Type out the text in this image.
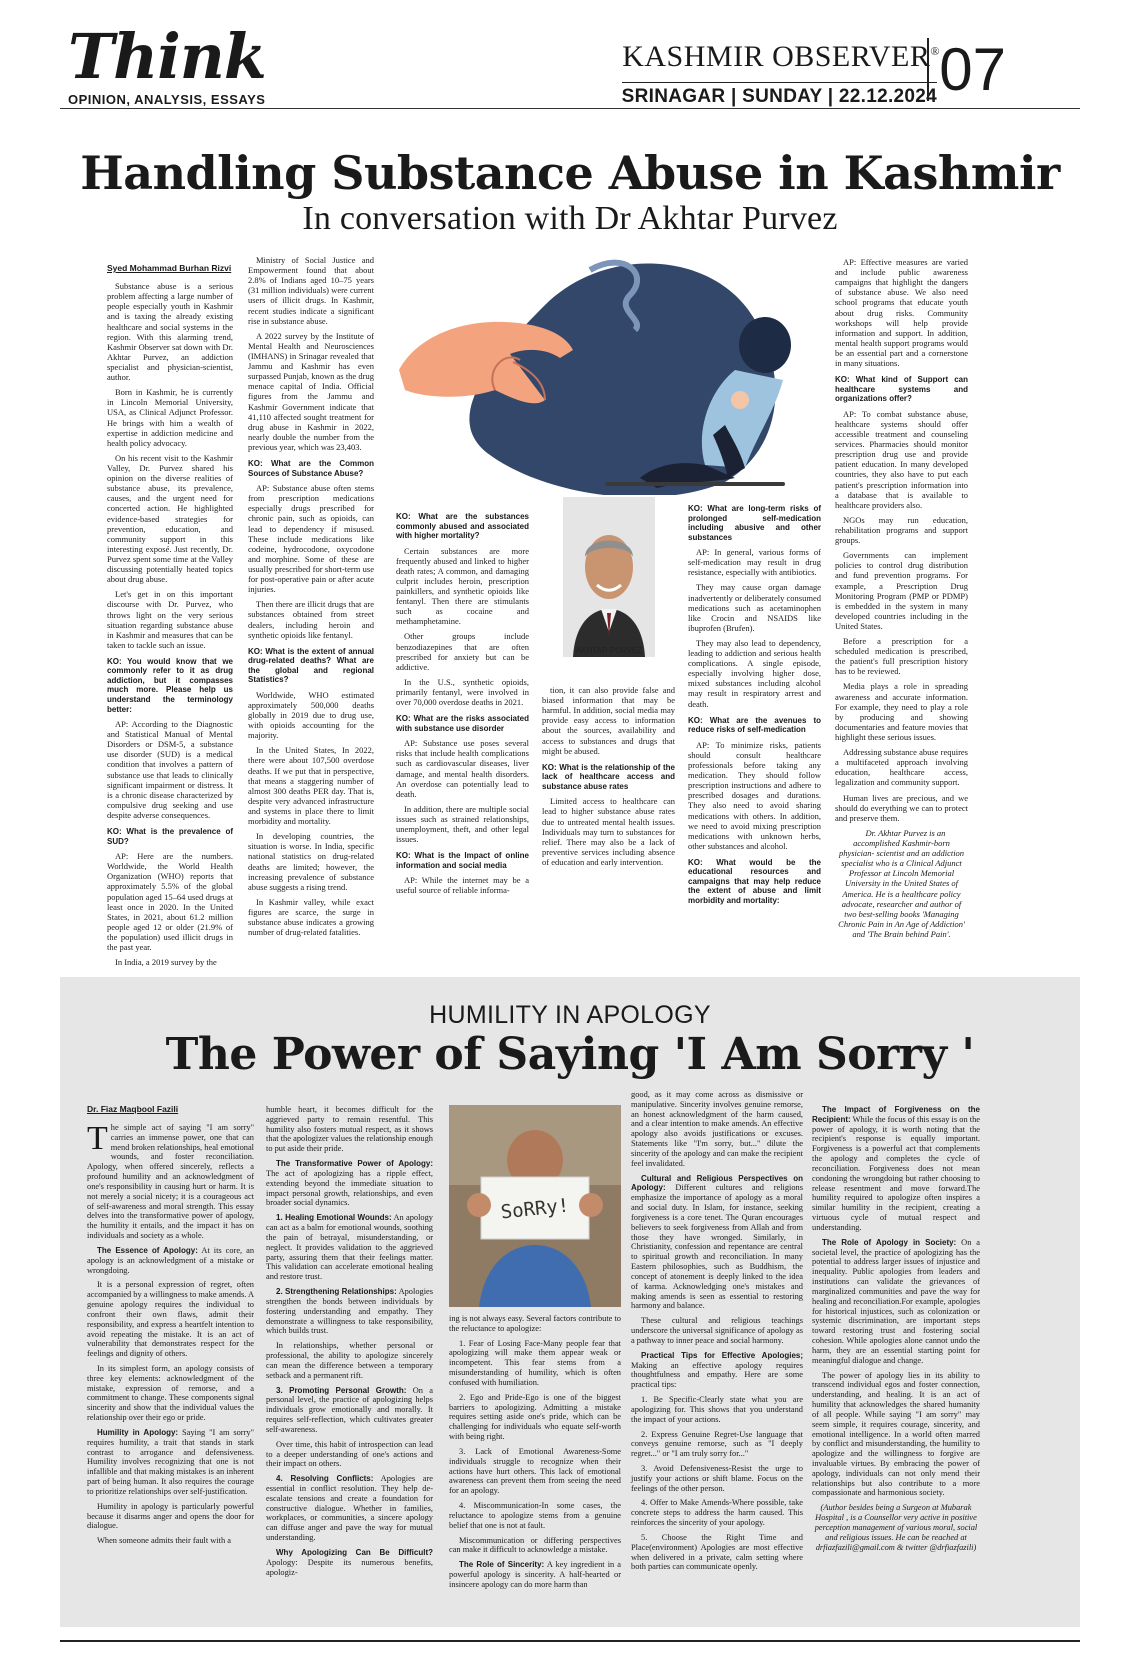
Think
OPINION, ANALYSIS, ESSAYS
KASHMIR OBSERVER®
SRINAGAR | SUNDAY | 22.12.2024 07
Handling Substance Abuse in Kashmir
In conversation with Dr Akhtar Purvez
Syed Mohammad Burhan Rizvi

Substance abuse is a serious problem affecting a large number of people especially youth in Kashmir and is taxing the already existing healthcare and social systems in the region. With this alarming trend, Kashmir Observer sat down with Dr. Akhtar Purvez, an addiction specialist and physician-scientist, author.

Born in Kashmir, he is currently in Lincoln Memorial University, USA, as Clinical Adjunct Professor. He brings with him a wealth of expertise in addiction medicine and health policy advocacy.

On his recent visit to the Kashmir Valley, Dr. Purvez shared his opinion on the diverse realities of substance abuse, its prevalence, causes, and the urgent need for concerted action. He highlighted evidence-based strategies for prevention, education, and community support in this interesting exposé. Just recently, Dr. Purvez spent some time at the Valley discussing potentially heated topics about drug abuse.

Let's get in on this important discourse with Dr. Purvez, who throws light on the very serious situation regarding substance abuse in Kashmir and measures that can be taken to tackle such an issue.

KO: You would know that we commonly refer to it as drug addiction, but it compasses much more. Please help us understand the terminology better:

AP: According to the Diagnostic and Statistical Manual of Mental Disorders or DSM-5, a substance use disorder (SUD) is a medical condition that involves a pattern of substance use that leads to clinically significant impairment or distress. It is a chronic disease characterized by compulsive drug seeking and use despite adverse consequences.

KO: What is the prevalence of SUD?

AP: Here are the numbers. Worldwide, the World Health Organization (WHO) reports that approximately 5.5% of the global population aged 15–64 used drugs at least once in 2020. In the United States, in 2021, about 61.2 million people aged 12 or older (21.9% of the population) used illicit drugs in the past year.

In India, a 2019 survey by the

Ministry of Social Justice and Empowerment found that about 2.8% of Indians aged 10–75 years (31 million individuals) were current users of illicit drugs. In Kashmir, recent studies indicate a significant rise in substance abuse.

A 2022 survey by the Institute of Mental Health and Neurosciences (IMHANS) in Srinagar revealed that Jammu and Kashmir has even surpassed Punjab, known as the drug menace capital of India. Official figures from the Jammu and Kashmir Government indicate that 41,110 affected sought treatment for drug abuse in Kashmir in 2022, nearly double the number from the previous year, which was 23,403.

KO: What are the Common Sources of Substance Abuse?

AP: Substance abuse often stems from prescription medications especially drugs prescribed for chronic pain, such as opioids, can lead to dependency if misused. These include medications like codeine, hydrocodone, oxycodone and morphine. Some of these are usually prescribed for short-term use for post-operative pain or after acute injuries.

Then there are illicit drugs that are substances obtained from street dealers, including heroin and synthetic opioids like fentanyl.

KO: What is the extent of annual drug-related deaths? What are the global and regional Statistics?

Worldwide, WHO estimated approximately 500,000 deaths globally in 2019 due to drug use, with opioids accounting for the majority.

In the United States, In 2022, there were about 107,500 overdose deaths. If we put that in perspective, that means a staggering number of almost 300 deaths PER day. That is, despite very advanced infrastructure and systems in place there to limit morbidity and mortality.

In developing countries, the situation is worse. In India, specific national statistics on drug-related deaths are limited; however, the increasing prevalence of substance abuse suggests a rising trend.

In Kashmir valley, while exact figures are scarce, the surge in substance abuse indicates a growing number of drug-related fatalities.

AKHTAR PURVEZ

KO: What are the substances commonly abused and associated with higher mortality?

Certain substances are more frequently abused and linked to higher death rates; A common, and damaging culprit includes heroin, prescription painkillers, and synthetic opioids like fentanyl. Then there are stimulants such as cocaine and methamphetamine.

Other groups include benzodiazepines that are often prescribed for anxiety but can be addictive.

In the U.S., synthetic opioids, primarily fentanyl, were involved in over 70,000 overdose deaths in 2021.

KO: What are the risks associated with substance use disorder

AP: Substance use poses several risks that include health complications such as cardiovascular diseases, liver damage, and mental health disorders. An overdose can potentially lead to death.

In addition, there are multiple social issues such as strained relationships, unemployment, theft, and other legal issues.

KO: What is the Impact of online information and social media

AP: While the internet may be a useful source of reliable informa-

tion, it can also provide false and biased information that may be harmful. In addition, social media may provide easy access to information about the sources, availability and access to substances and drugs that might be abused.

KO: What is the relationship of the lack of healthcare access and substance abuse rates

Limited access to healthcare can lead to higher substance abuse rates due to untreated mental health issues. Individuals may turn to substances for relief. There may also be a lack of preventive services including absence of education and early intervention.

KO: What are long-term risks of prolonged self-medication including abusive and other substances

AP: In general, various forms of self-medication may result in drug resistance, especially with antibiotics.

They may cause organ damage inadvertently or deliberately consumed medications such as acetaminophen like Crocin and NSAIDS like ibuprofen (Brufen).

They may also lead to dependency, leading to addiction and serious health complications. A single episode, especially involving higher dose, mixed substances including alcohol may result in respiratory arrest and death.

KO: What are the avenues to reduce risks of self-medication

AP: To minimize risks, patients should consult healthcare professionals before taking any medication. They should follow prescription instructions and adhere to prescribed dosages and durations. They also need to avoid sharing medications with others. In addition, we need to avoid mixing prescription medications with unknown herbs, other substances and alcohol.

KO: What would be the educational resources and campaigns that may help reduce the extent of abuse and limit morbidity and mortality:

AP: Effective measures are varied and include public awareness campaigns that highlight the dangers of substance abuse. We also need school programs that educate youth about drug risks. Community workshops will help provide information and support. In addition, mental health support programs would be an essential part and a cornerstone in many situations.

KO: What kind of Support can healthcare systems and organizations offer?

AP: To combat substance abuse, healthcare systems should offer accessible treatment and counseling services. Pharmacies should monitor prescription drug use and provide patient education. In many developed countries, they also have to put each patient's prescription information into a database that is available to healthcare providers also.

NGOs may run education, rehabilitation programs and support groups.

Governments can implement policies to control drug distribution and fund prevention programs. For example, a Prescription Drug Monitoring Program (PMP or PDMP) is embedded in the system in many developed countries including in the United States.

Before a prescription for a scheduled medication is prescribed, the patient's full prescription history has to be reviewed.

Media plays a role in spreading awareness and accurate information. For example, they need to play a role by producing and showing documentaries and feature movies that highlight these serious issues.

Addressing substance abuse requires a multifaceted approach involving education, healthcare access, legalization and community support.

Human lives are precious, and we should do everything we can to protect and preserve them.

Dr. Akhtar Purvez is an accomplished Kashmir-born physician- scientist and an addiction specialist who is a Clinical Adjunct Professor at Lincoln Memorial University in the United States of America. He is a healthcare policy advocate, researcher and author of two best-selling books 'Managing Chronic Pain in An Age of Addiction' and 'The Brain behind Pain'.

HUMILITY IN APOLOGY
The Power of Saying 'I Am Sorry '
Dr. Fiaz Maqbool Fazili

The simple act of saying "I am sorry" carries an immense power, one that can mend broken relationships, heal emotional wounds, and foster reconciliation. Apology, when offered sincerely, reflects a profound humility and an acknowledgment of one's responsibility in causing hurt or harm. It is not merely a social nicety; it is a courageous act of self-awareness and moral strength. This essay delves into the transformative power of apology, the humility it entails, and the impact it has on individuals and society as a whole.

The Essence of Apology: At its core, an apology is an acknowledgment of a mistake or wrongdoing.

It is a personal expression of regret, often accompanied by a willingness to make amends. A genuine apology requires the individual to confront their own flaws, admit their responsibility, and express a heartfelt intention to avoid repeating the mistake. It is an act of vulnerability that demonstrates respect for the feelings and dignity of others.

In its simplest form, an apology consists of three key elements: acknowledgment of the mistake, expression of remorse, and a commitment to change. These components signal sincerity and show that the individual values the relationship over their ego or pride.

Humility in Apology: Saying "I am sorry" requires humility, a trait that stands in stark contrast to arrogance and defensiveness. Humility involves recognizing that one is not infallible and that making mistakes is an inherent part of being human. It also requires the courage to prioritize relationships over self-justification.

Humility in apology is particularly powerful because it disarms anger and opens the door for dialogue.

When someone admits their fault with a

humble heart, it becomes difficult for the aggrieved party to remain resentful. This humility also fosters mutual respect, as it shows that the apologizer values the relationship enough to put aside their pride.

The Transformative Power of Apology: The act of apologizing has a ripple effect, extending beyond the immediate situation to impact personal growth, relationships, and even broader social dynamics.

1. Healing Emotional Wounds: An apology can act as a balm for emotional wounds, soothing the pain of betrayal, misunderstanding, or neglect. It provides validation to the aggrieved party, assuring them that their feelings matter. This validation can accelerate emotional healing and restore trust.

2. Strengthening Relationships: Apologies strengthen the bonds between individuals by fostering understanding and empathy. They demonstrate a willingness to take responsibility, which builds trust.

In relationships, whether personal or professional, the ability to apologize sincerely can mean the difference between a temporary setback and a permanent rift.

3. Promoting Personal Growth: On a personal level, the practice of apologizing helps individuals grow emotionally and morally. It requires self-reflection, which cultivates greater self-awareness.

Over time, this habit of introspection can lead to a deeper understanding of one's actions and their impact on others.

4. Resolving Conflicts: Apologies are essential in conflict resolution. They help de-escalate tensions and create a foundation for constructive dialogue. Whether in families, workplaces, or communities, a sincere apology can diffuse anger and pave the way for mutual understanding.

Why Apologizing Can Be Difficult? Apology: Despite its numerous benefits, apologiz-

SoRRy!

ing is not always easy. Several factors contribute to the reluctance to apologize:

1. Fear of Losing Face-Many people fear that apologizing will make them appear weak or incompetent. This fear stems from a misunderstanding of humility, which is often confused with humiliation.

2. Ego and Pride-Ego is one of the biggest barriers to apologizing. Admitting a mistake requires setting aside one's pride, which can be challenging for individuals who equate self-worth with being right.

3. Lack of Emotional Awareness-Some individuals struggle to recognize when their actions have hurt others. This lack of emotional awareness can prevent them from seeing the need for an apology.

4. Miscommunication-In some cases, the reluctance to apologize stems from a genuine belief that one is not at fault.

Miscommunication or differing perspectives can make it difficult to acknowledge a mistake.

The Role of Sincerity: A key ingredient in a powerful apology is sincerity. A half-hearted or insincere apology can do more harm than

good, as it may come across as dismissive or manipulative. Sincerity involves genuine remorse, an honest acknowledgment of the harm caused, and a clear intention to make amends. An effective apology also avoids justifications or excuses. Statements like "I'm sorry, but..." dilute the sincerity of the apology and can make the recipient feel invalidated.

Cultural and Religious Perspectives on Apology: Different cultures and religions emphasize the importance of apology as a moral and social duty. In Islam, for instance, seeking forgiveness is a core tenet. The Quran encourages believers to seek forgiveness from Allah and from those they have wronged. Similarly, in Christianity, confession and repentance are central to spiritual growth and reconciliation. In many Eastern philosophies, such as Buddhism, the concept of atonement is deeply linked to the idea of karma. Acknowledging one's mistakes and making amends is seen as essential to restoring harmony and balance.

These cultural and religious teachings underscore the universal significance of apology as a pathway to inner peace and social harmony.

Practical Tips for Effective Apologies; Making an effective apology requires thoughtfulness and empathy. Here are some practical tips:

1. Be Specific-Clearly state what you are apologizing for. This shows that you understand the impact of your actions.

2. Express Genuine Regret-Use language that conveys genuine remorse, such as "I deeply regret..." or "I am truly sorry for..."

3. Avoid Defensiveness-Resist the urge to justify your actions or shift blame. Focus on the feelings of the other person.

4. Offer to Make Amends-Where possible, take concrete steps to address the harm caused. This reinforces the sincerity of your apology.

5. Choose the Right Time and Place(environment) Apologies are most effective when delivered in a private, calm setting where both parties can communicate openly.

The Impact of Forgiveness on the Recipient: While the focus of this essay is on the power of apology, it is worth noting that the recipient's response is equally important. Forgiveness is a powerful act that complements the apology and completes the cycle of reconciliation. Forgiveness does not mean condoning the wrongdoing but rather choosing to release resentment and move forward.The humility required to apologize often inspires a similar humility in the recipient, creating a virtuous cycle of mutual respect and understanding.

The Role of Apology in Society: On a societal level, the practice of apologizing has the potential to address larger issues of injustice and inequality. Public apologies from leaders and institutions can validate the grievances of marginalized communities and pave the way for healing and reconciliation.For example, apologies for historical injustices, such as colonization or systemic discrimination, are important steps toward restoring trust and fostering social cohesion. While apologies alone cannot undo the harm, they are an essential starting point for meaningful dialogue and change.

The power of apology lies in its ability to transcend individual egos and foster connection, understanding, and healing. It is an act of humility that acknowledges the shared humanity of all people. While saying "I am sorry" may seem simple, it requires courage, sincerity, and emotional intelligence. In a world often marred by conflict and misunderstanding, the humility to apologize and the willingness to forgive are invaluable virtues. By embracing the power of apology, individuals can not only mend their relationships but also contribute to a more compassionate and harmonious society.

(Author besides being a Surgeon at Mubarak Hospital , is a Counsellor very active in positive perception management of various moral, social and religious issues. He can be reached at drfiazfazili@gmail.com & twitter @drfiazfazili)
